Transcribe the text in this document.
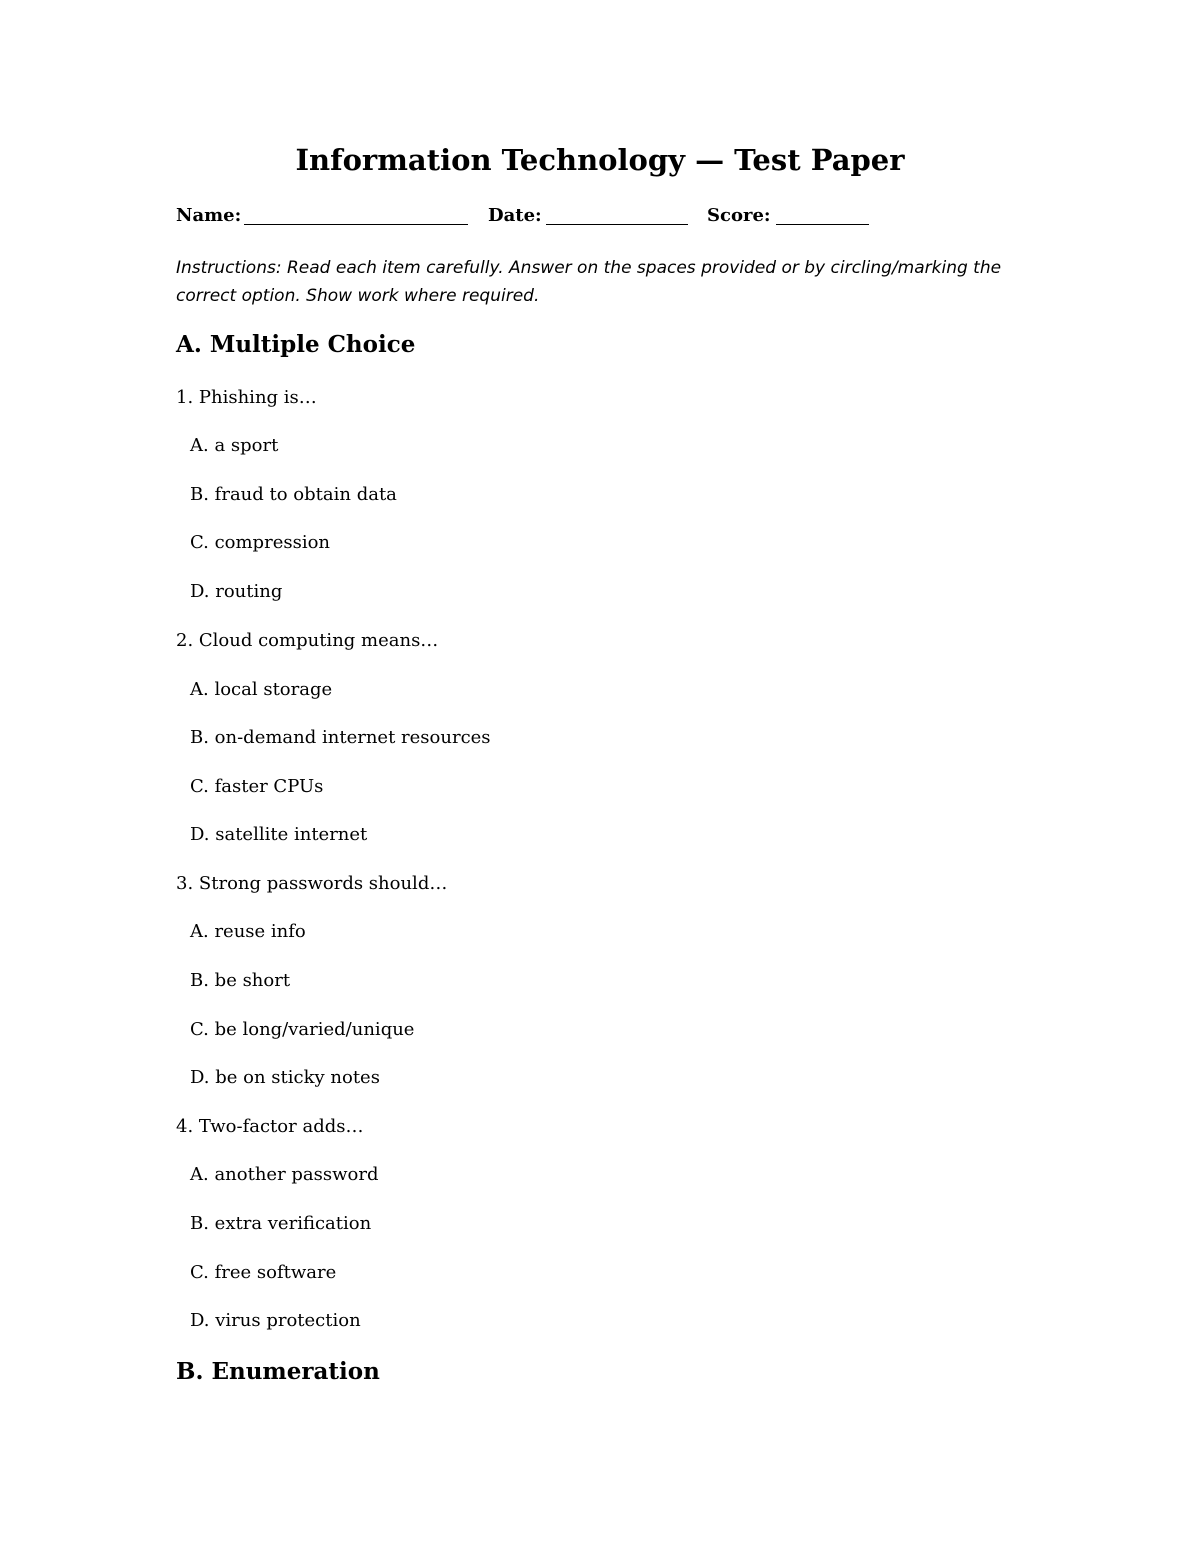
Information Technology — Test Paper
Name:	Date:	Score:
Instructions: Read each item carefully. Answer on the spaces provided or by circling/marking the correct option. Show work where required.
A. Multiple Choice
1. Phishing is…
A. a sport
B. fraud to obtain data
C. compression
D. routing
2. Cloud computing means…
A. local storage
B. on-demand internet resources
C. faster CPUs
D. satellite internet
3. Strong passwords should…
A. reuse info
B. be short
C. be long/varied/unique
D. be on sticky notes
4. Two-factor adds…
A. another password
B. extra verification
C. free software
D. virus protection
B. Enumeration
